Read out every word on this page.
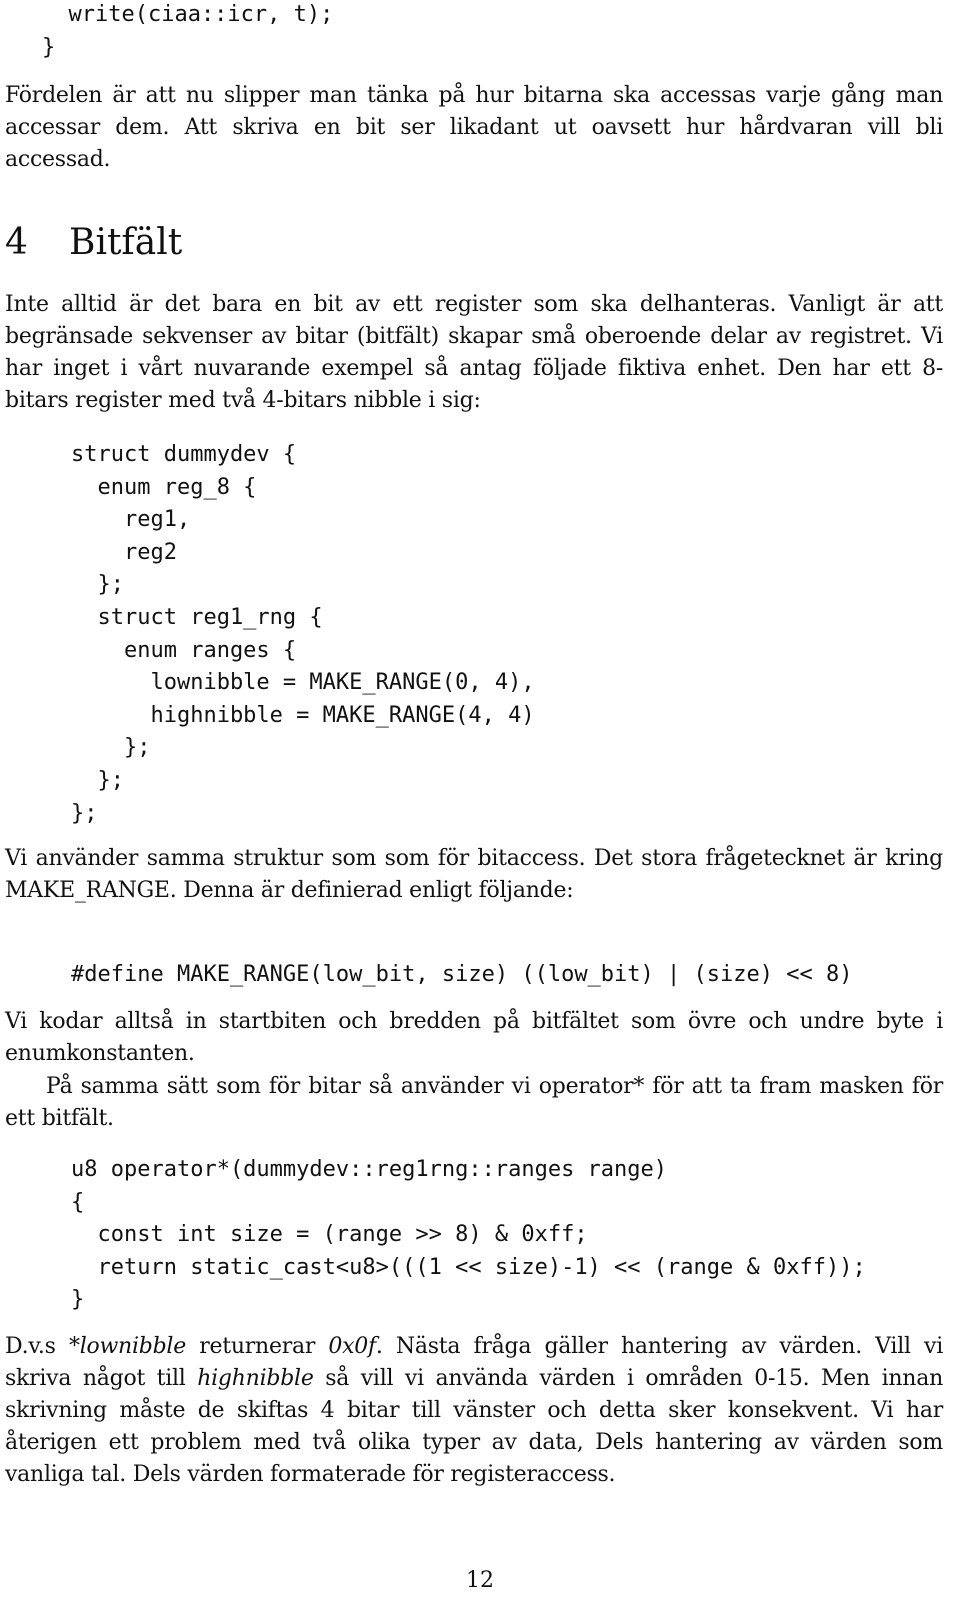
write(ciaa::icr, t);
}

Fördelen är att nu slipper man tänka på hur bitarna ska accessas varje gång man accessar dem. Att skriva en bit ser likadant ut oavsett hur hårdvaran vill bli accessad.

4 Bitfält

Inte alltid är det bara en bit av ett register som ska delhanteras. Vanligt är att begränsade sekvenser av bitar (bitfält) skapar små oberoende delar av registret. Vi har inget i vårt nuvarande exempel så antag följade fiktiva enhet. Den har ett 8-bitars register med två 4-bitars nibble i sig:

struct dummydev {
enum reg_8 {
reg1,
reg2
};
struct reg1_rng {
enum ranges {
lownibble = MAKE_RANGE(0, 4),
highnibble = MAKE_RANGE(4, 4)
};
};
};

Vi använder samma struktur som som för bitaccess. Det stora frågetecknet är kring MAKE_RANGE. Denna är definierad enligt följande:

#define MAKE_RANGE(low_bit, size) ((low_bit) | (size) << 8)

Vi kodar alltså in startbiten och bredden på bitfältet som övre och undre byte i enumkonstanten.

På samma sätt som för bitar så använder vi operator* för att ta fram masken för ett bitfält.

u8 operator*(dummydev::reg1rng::ranges range)
{
const int size = (range >> 8) & 0xff;
return static_cast<u8>(((1 << size)-1) << (range & 0xff));
}

D.v.s *lownibble returnerar 0x0f. Nästa fråga gäller hantering av värden. Vill vi skriva något till highnibble så vill vi använda värden i områden 0-15. Men innan skrivning måste de skiftas 4 bitar till vänster och detta sker konsekvent. Vi har återigen ett problem med två olika typer av data, Dels hantering av värden som vanliga tal. Dels värden formaterade för registeraccess.

12
